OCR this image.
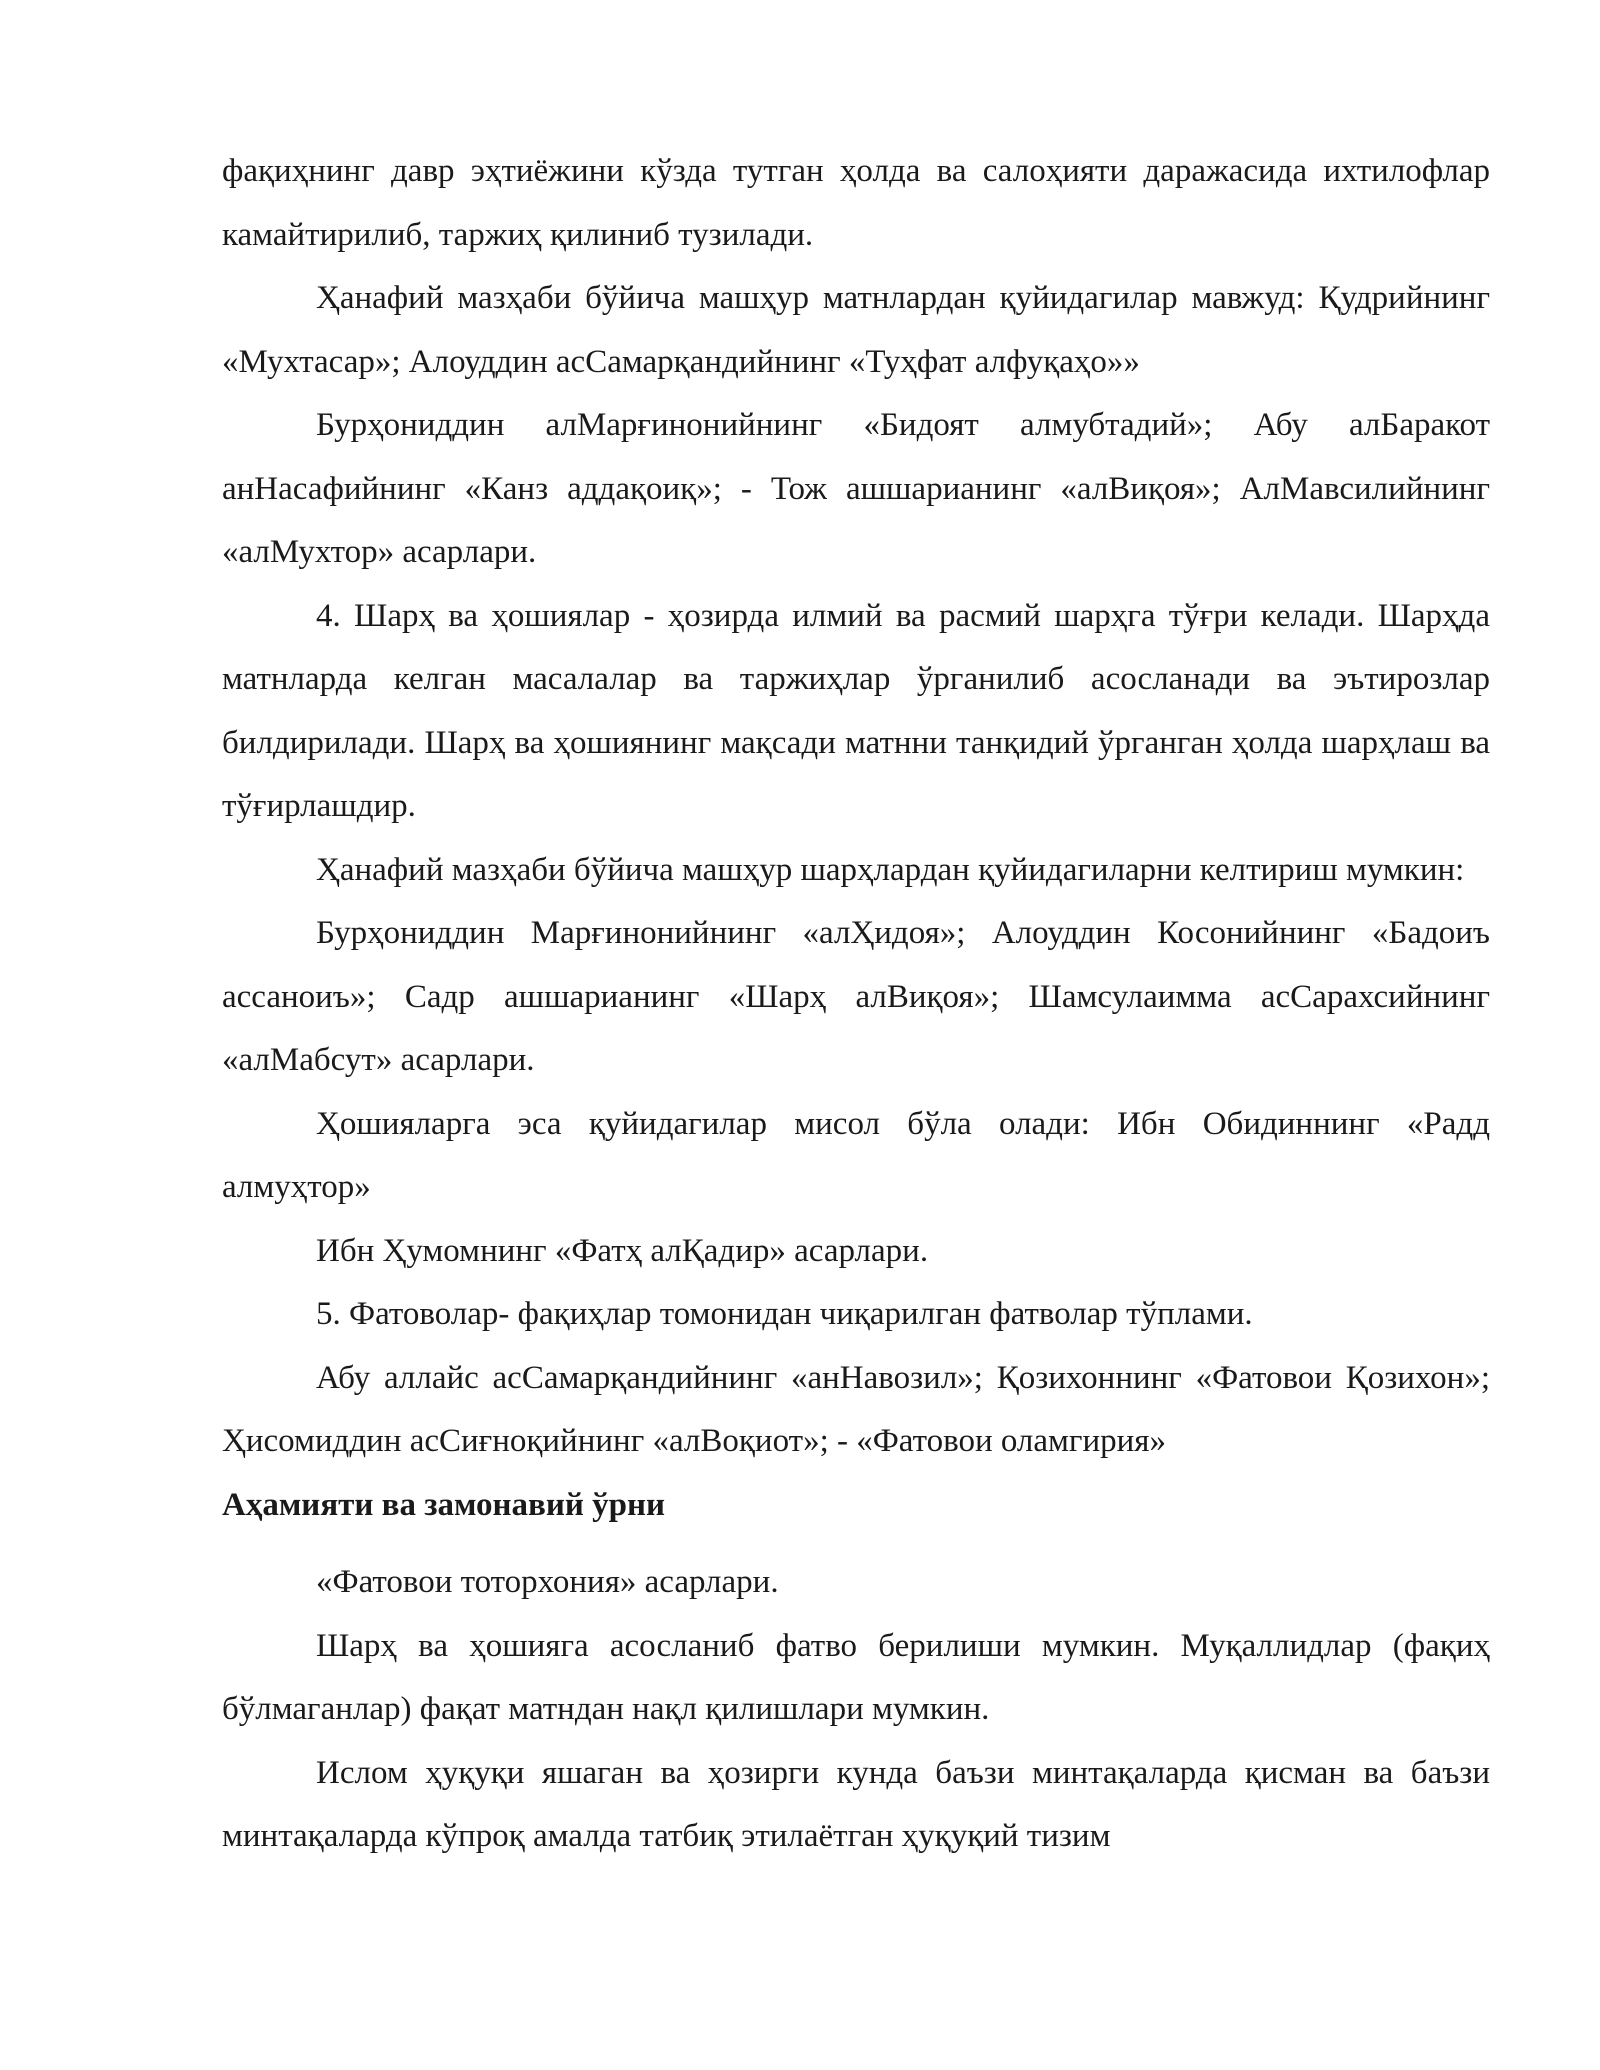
фақиҳнинг давр эҳтиёжини кўзда тутган ҳолда ва салоҳияти даражасида ихтилофлар камайтирилиб, таржиҳ қилиниб тузилади.

Ҳанафий мазҳаби бўйича машҳур матнлардан қуйидагилар мавжуд: Қудрийнинг «Мухтасар»; Алоуддин асСамарқандийнинг «Туҳфат алфуқаҳо»»

Бурҳониддин алМарғинонийнинг «Бидоят алмубтадий»; Абу алБаракот анНасафийнинг «Канз аддақоиқ»; - Тож ашшарианинг «алВиқоя»; АлМавсилийнинг «алМухтор» асарлари.

4. Шарҳ ва ҳошиялар - ҳозирда илмий ва расмий шарҳга тўғри келади. Шарҳда матнларда келган масалалар ва таржиҳлар ўрганилиб асосланади ва эътирозлар билдирилади. Шарҳ ва ҳошиянинг мақсади матнни танқидий ўрганган ҳолда шарҳлаш ва тўғирлашдир.

Ҳанафий мазҳаби бўйича машҳур шарҳлардан қуйидагиларни келтириш мумкин:

Бурҳониддин Марғинонийнинг «алҲидоя»; Алоуддин Косонийнинг «Бадоиъ ассаноиъ»; Садр ашшарианинг «Шарҳ алВиқоя»; Шамсулаимма асСарахсийнинг «алМабсут» асарлари.

Ҳошияларга эса қуйидагилар мисол бўла олади: Ибн Обидиннинг «Радд алмуҳтор»

Ибн Ҳумомнинг «Фатҳ алҚадир» асарлари.

5. Фатоволар- фақиҳлар томонидан чиқарилган фатволар тўплами.

Абу аллайс асСамарқандийнинг «анНавозил»; Қозихоннинг «Фатовои Қозихон»; Ҳисомиддин асСиғноқийнинг «алВоқиот»; - «Фатовои оламгирия»

Аҳамияти ва замонавий ўрни

«Фатовои тоторхония» асарлари.

Шарҳ ва ҳошияга асосланиб фатво берилиши мумкин. Муқаллидлар (фақиҳ бўлмаганлар) фақат матндан нақл қилишлари мумкин.

Ислом ҳуқуқи яшаган ва ҳозирги кунда баъзи минтақаларда қисман ва баъзи минтақаларда кўпроқ амалда татбиқ этилаётган ҳуқуқий тизим
